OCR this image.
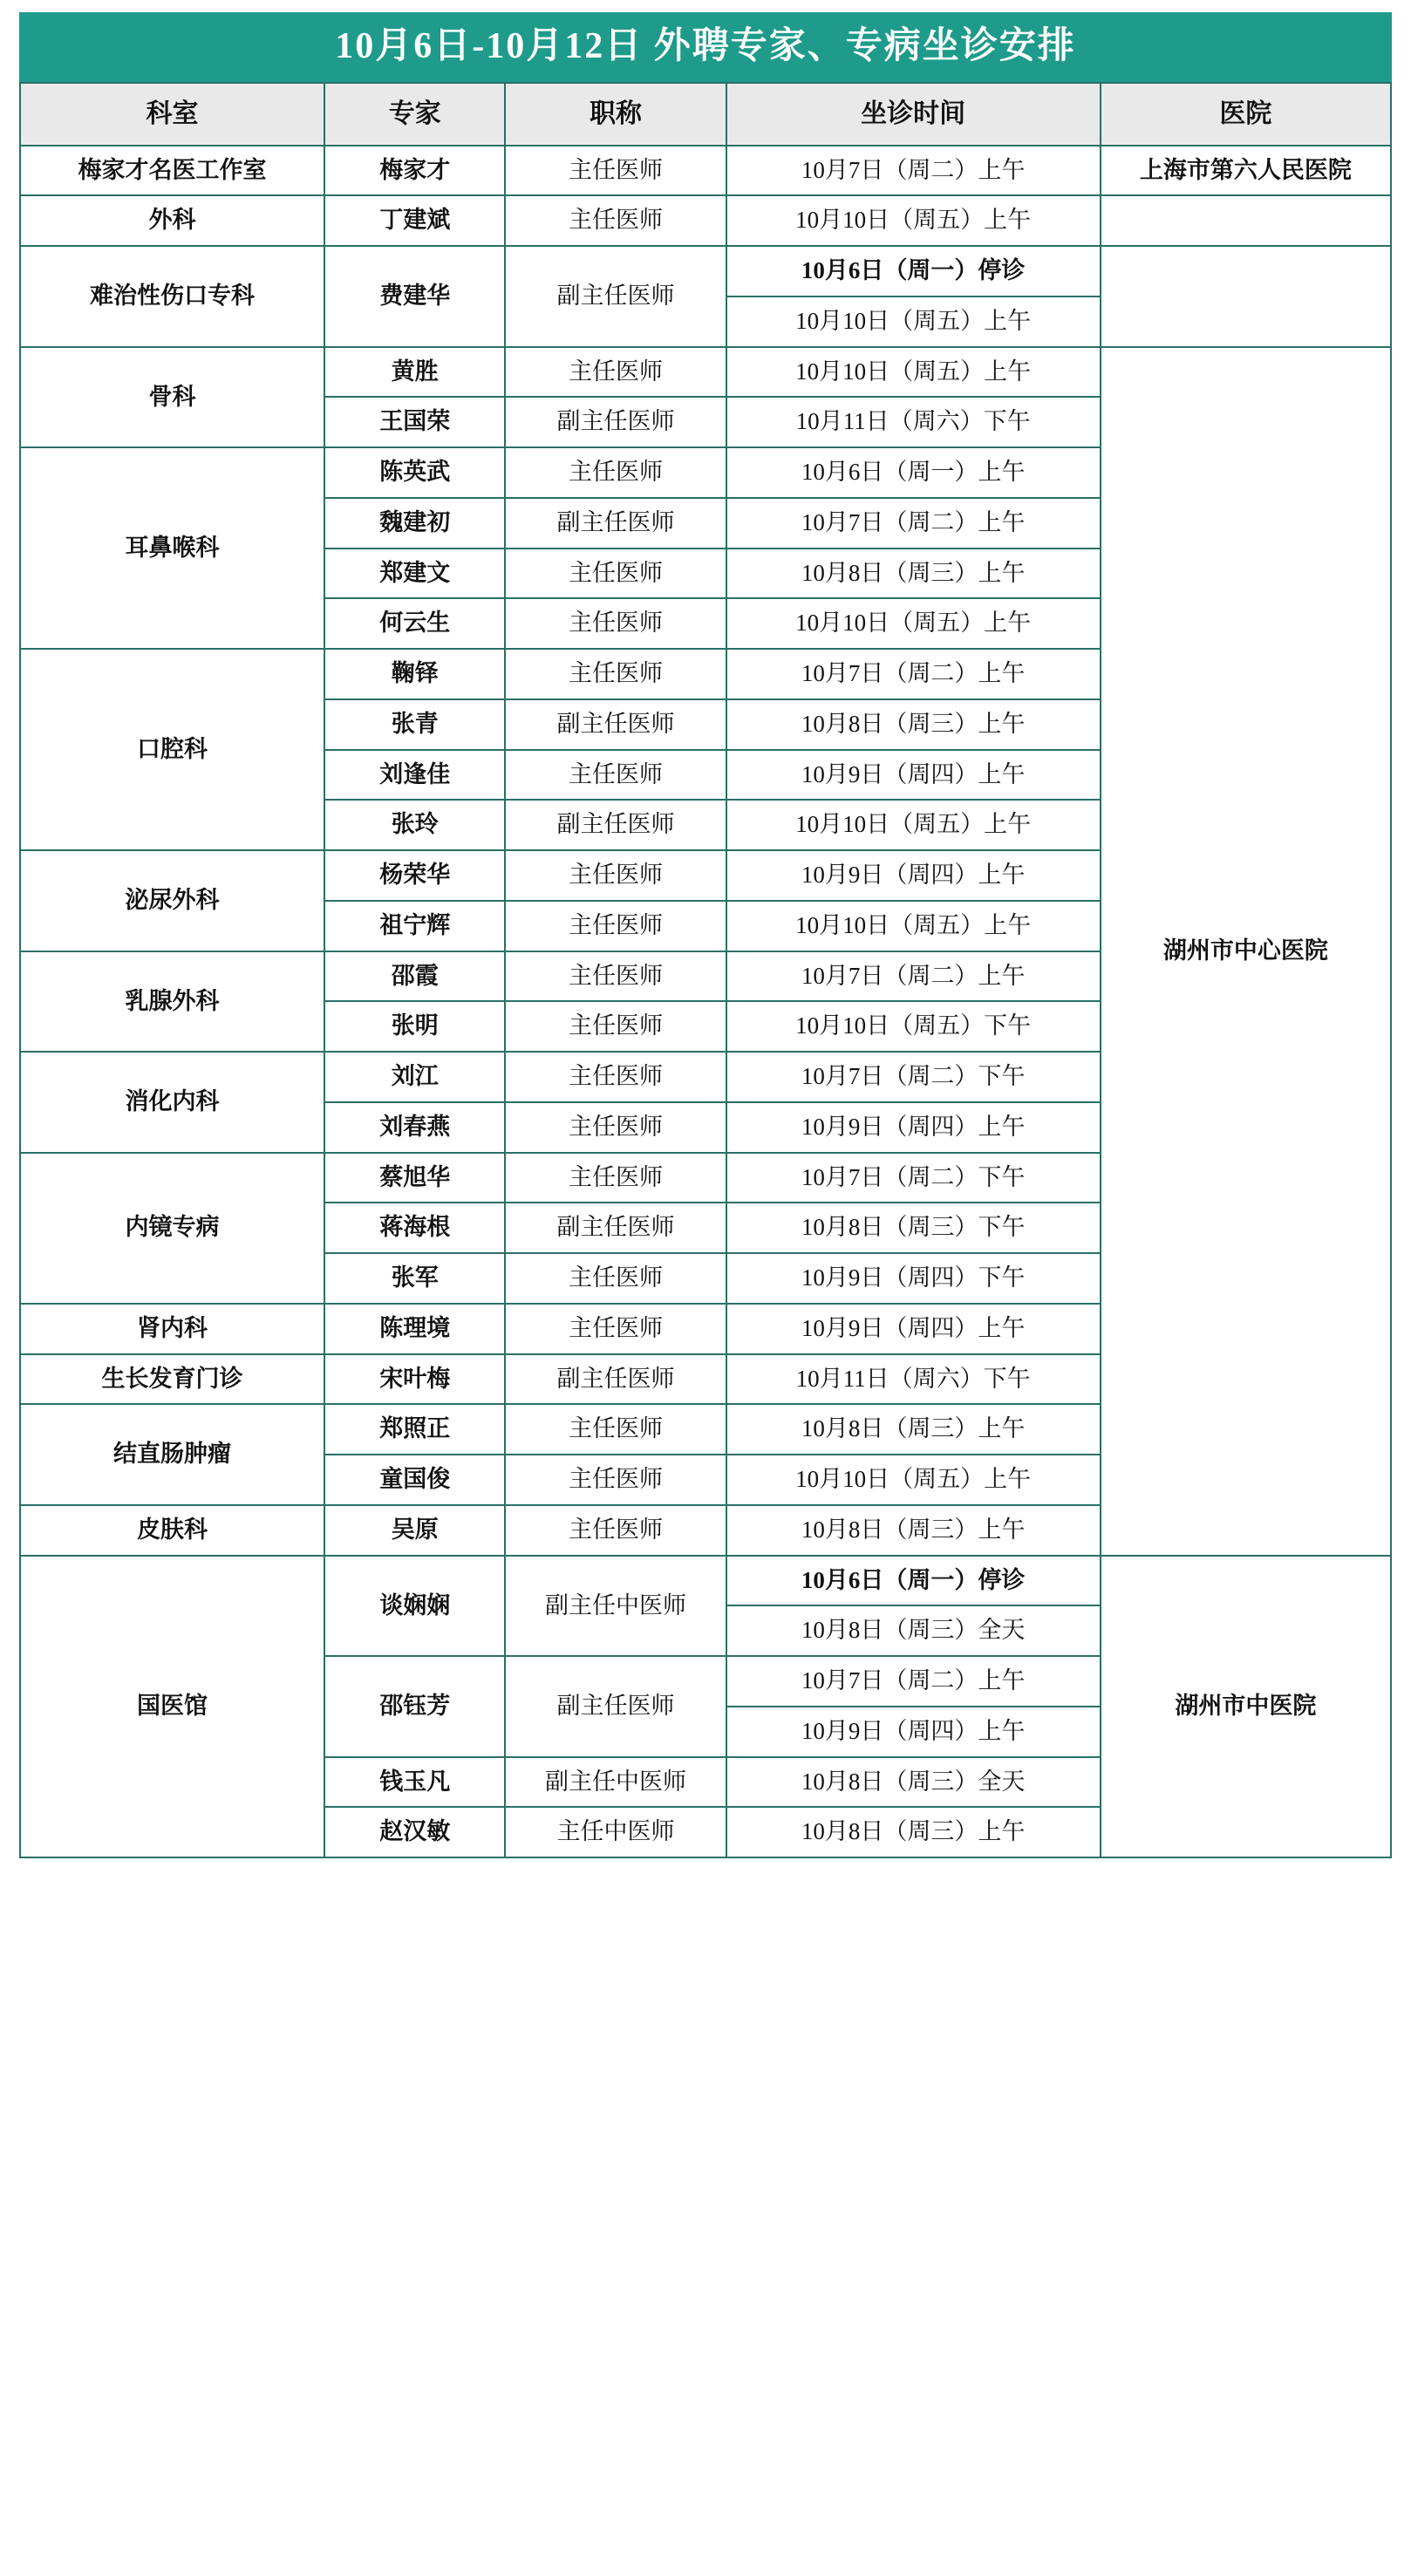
10月6日-10月12日 外聘专家、专病坐诊安排
科室	专家	职称	坐诊时间	医院
梅家才名医工作室	梅家才	主任医师	10月7日（周二）上午	上海市第六人民医院
外科	丁建斌	主任医师	10月10日（周五）上午	
难治性伤口专科	费建华	副主任医师	10月6日（周一）停诊	
			10月10日（周五）上午	
骨科	黄胜	主任医师	10月10日（周五）上午	湖州市中心医院
	王国荣	副主任医师	10月11日（周六）下午	
耳鼻喉科	陈英武	主任医师	10月6日（周一）上午	
	魏建初	副主任医师	10月7日（周二）上午	
	郑建文	主任医师	10月8日（周三）上午	
	何云生	主任医师	10月10日（周五）上午	
口腔科	鞠铎	主任医师	10月7日（周二）上午	
	张青	副主任医师	10月8日（周三）上午	
	刘逢佳	主任医师	10月9日（周四）上午	
	张玲	副主任医师	10月10日（周五）上午	
泌尿外科	杨荣华	主任医师	10月9日（周四）上午	
	祖宁辉	主任医师	10月10日（周五）上午	
乳腺外科	邵霞	主任医师	10月7日（周二）上午	
	张明	主任医师	10月10日（周五）下午	
消化内科	刘江	主任医师	10月7日（周二）下午	
	刘春燕	主任医师	10月9日（周四）上午	
内镜专病	蔡旭华	主任医师	10月7日（周二）下午	
	蒋海根	副主任医师	10月8日（周三）下午	
	张军	主任医师	10月9日（周四）下午	
肾内科	陈理境	主任医师	10月9日（周四）上午	
生长发育门诊	宋叶梅	副主任医师	10月11日（周六）下午	
结直肠肿瘤	郑照正	主任医师	10月8日（周三）上午	
	童国俊	主任医师	10月10日（周五）上午	
皮肤科	吴原	主任医师	10月8日（周三）上午	
国医馆	谈娴娴	副主任中医师	10月6日（周一）停诊	湖州市中医院
			10月8日（周三）全天	
	邵钰芳	副主任医师	10月7日（周二）上午	
			10月9日（周四）上午	
	钱玉凡	副主任中医师	10月8日（周三）全天	
	赵汉敏	主任中医师	10月8日（周三）上午	
